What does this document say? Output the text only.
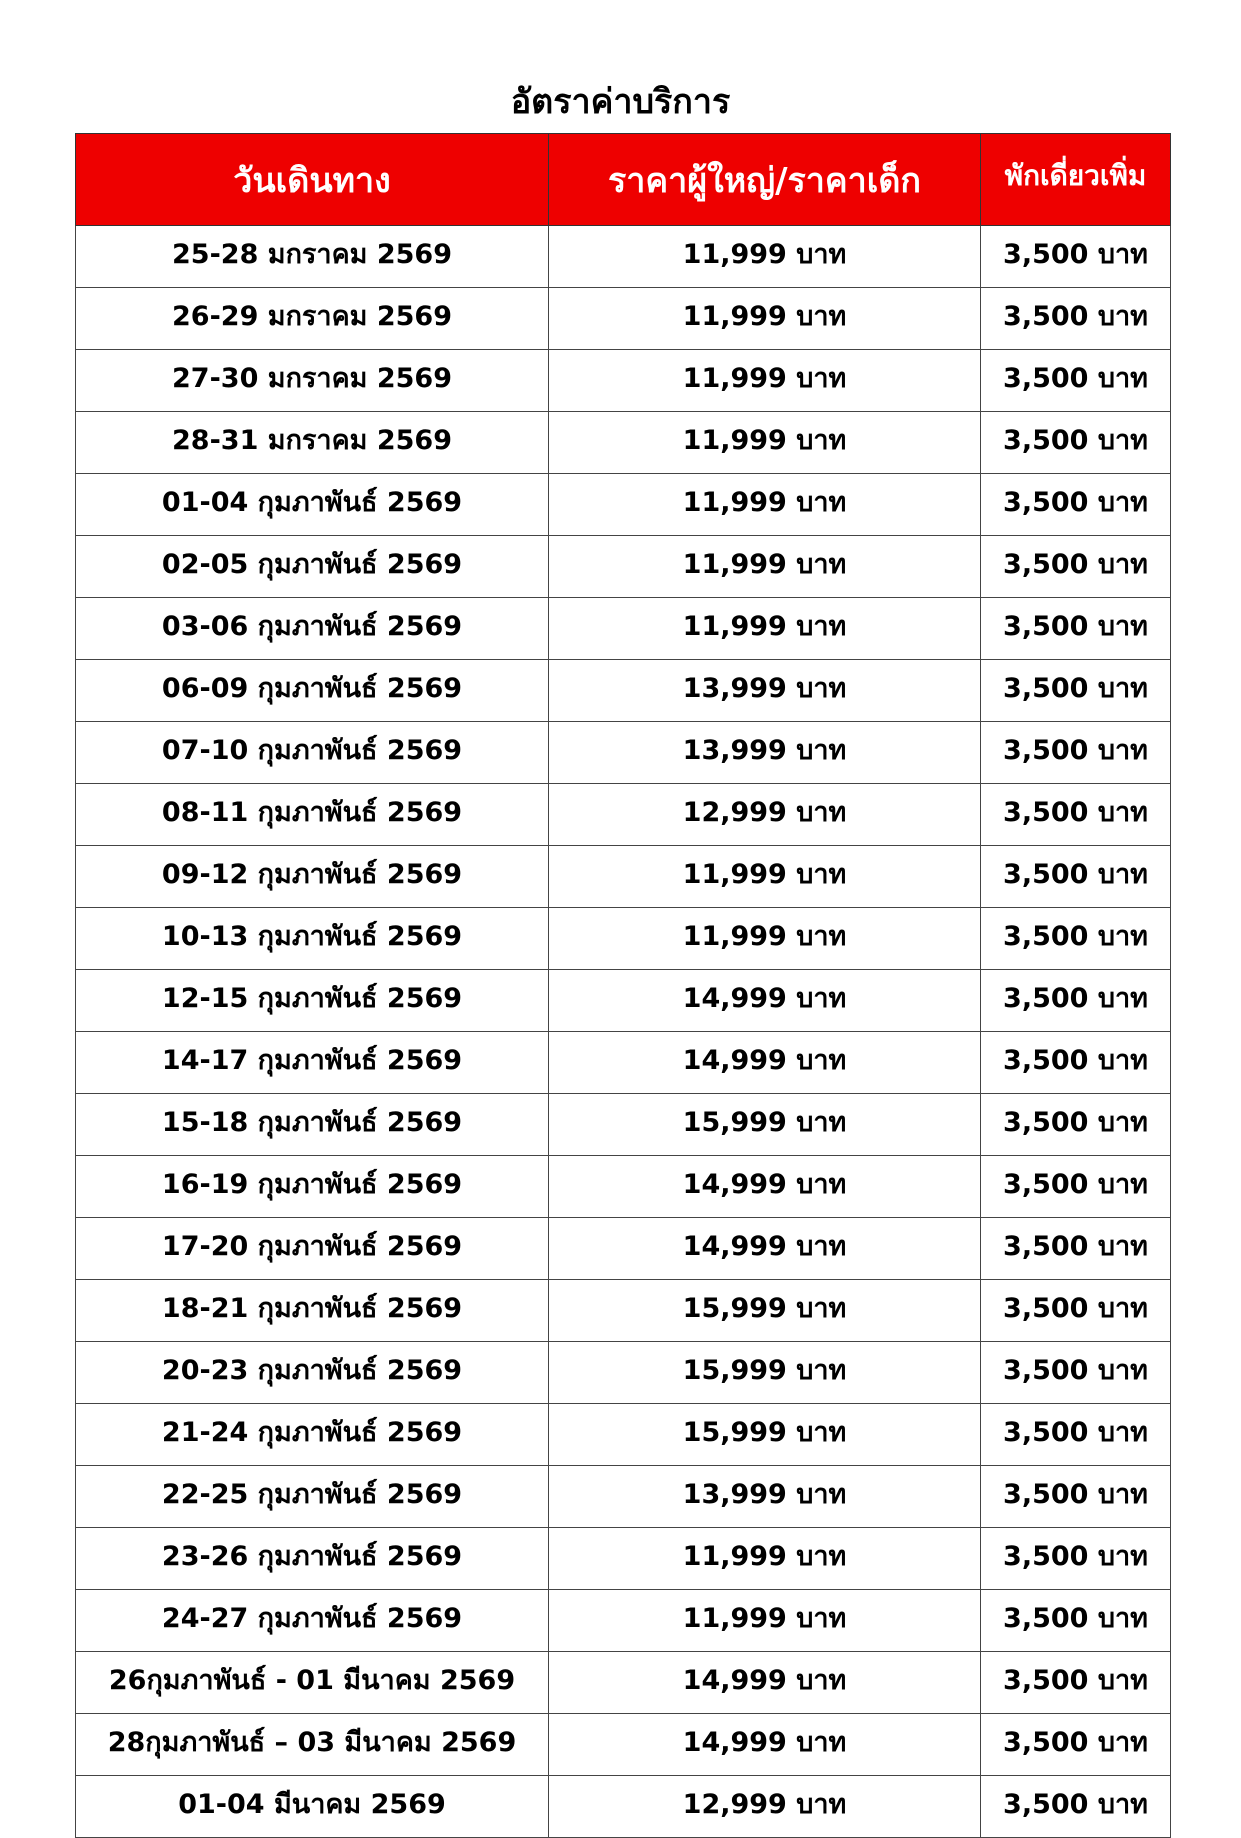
อัตราค่าบริการ
วันเดินทาง	ราคาผู้ใหญ่/ราคาเด็ก	พักเดี่ยวเพิ่ม
25-28 มกราคม 2569	11,999 บาท	3,500 บาท
26-29 มกราคม 2569	11,999 บาท	3,500 บาท
27-30 มกราคม 2569	11,999 บาท	3,500 บาท
28-31 มกราคม 2569	11,999 บาท	3,500 บาท
01-04 กุมภาพันธ์ 2569	11,999 บาท	3,500 บาท
02-05 กุมภาพันธ์ 2569	11,999 บาท	3,500 บาท
03-06 กุมภาพันธ์ 2569	11,999 บาท	3,500 บาท
06-09 กุมภาพันธ์ 2569	13,999 บาท	3,500 บาท
07-10 กุมภาพันธ์ 2569	13,999 บาท	3,500 บาท
08-11 กุมภาพันธ์ 2569	12,999 บาท	3,500 บาท
09-12 กุมภาพันธ์ 2569	11,999 บาท	3,500 บาท
10-13 กุมภาพันธ์ 2569	11,999 บาท	3,500 บาท
12-15 กุมภาพันธ์ 2569	14,999 บาท	3,500 บาท
14-17 กุมภาพันธ์ 2569	14,999 บาท	3,500 บาท
15-18 กุมภาพันธ์ 2569	15,999 บาท	3,500 บาท
16-19 กุมภาพันธ์ 2569	14,999 บาท	3,500 บาท
17-20 กุมภาพันธ์ 2569	14,999 บาท	3,500 บาท
18-21 กุมภาพันธ์ 2569	15,999 บาท	3,500 บาท
20-23 กุมภาพันธ์ 2569	15,999 บาท	3,500 บาท
21-24 กุมภาพันธ์ 2569	15,999 บาท	3,500 บาท
22-25 กุมภาพันธ์ 2569	13,999 บาท	3,500 บาท
23-26 กุมภาพันธ์ 2569	11,999 บาท	3,500 บาท
24-27 กุมภาพันธ์ 2569	11,999 บาท	3,500 บาท
26กุมภาพันธ์ - 01 มีนาคม 2569	14,999 บาท	3,500 บาท
28กุมภาพันธ์ – 03 มีนาคม 2569	14,999 บาท	3,500 บาท
01-04 มีนาคม 2569	12,999 บาท	3,500 บาท
